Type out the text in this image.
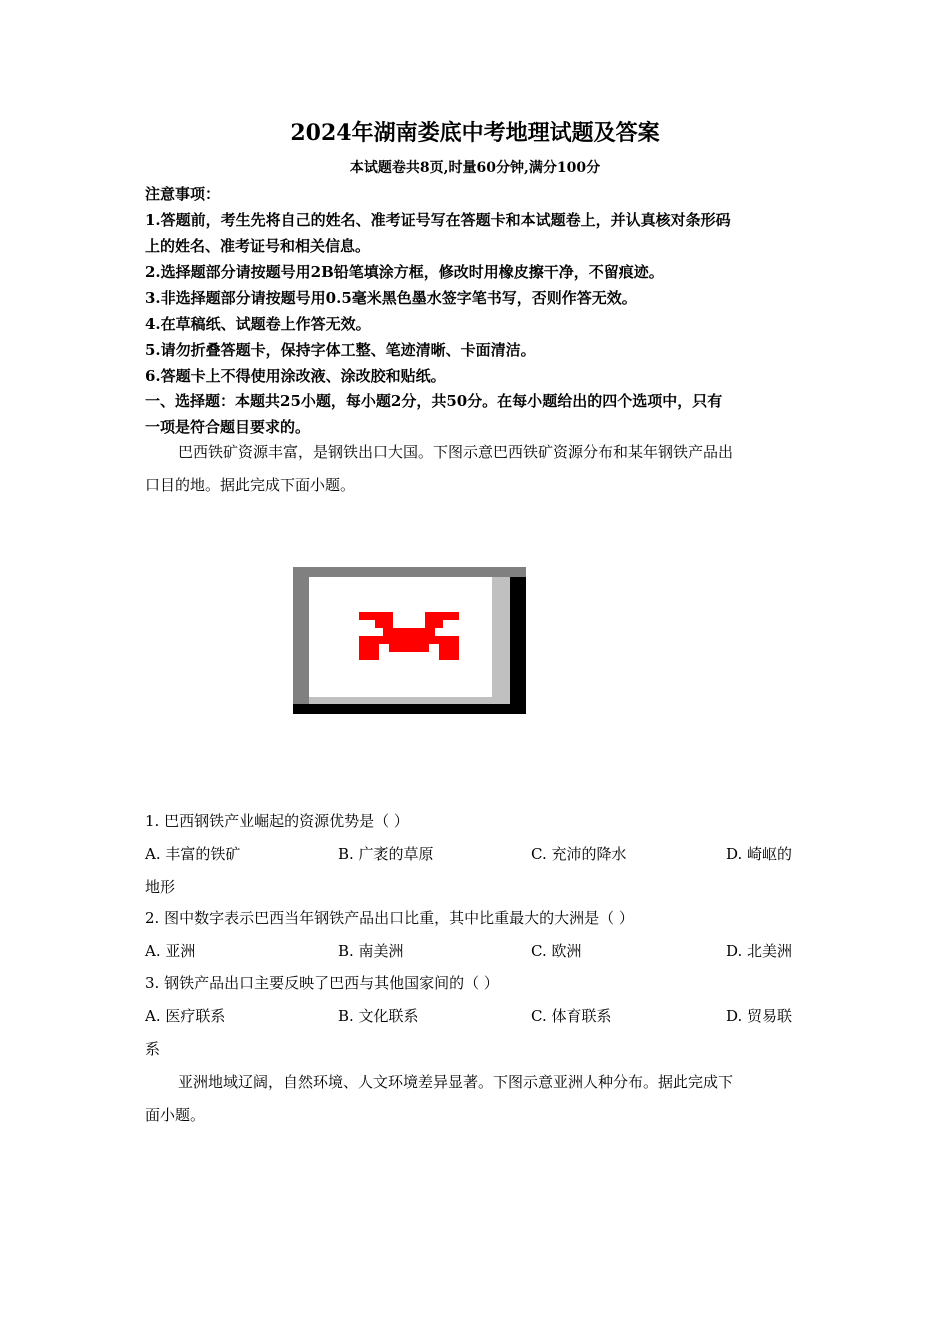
2024年湖南娄底中考地理试题及答案
本试题卷共8页,时量60分钟,满分100分
注意事项：
1.答题前，考生先将自己的姓名、准考证号写在答题卡和本试题卷上，并认真核对条形码
上的姓名、准考证号和相关信息。
2.选择题部分请按题号用2B铅笔填涂方框，修改时用橡皮擦干净，不留痕迹。
3.非选择题部分请按题号用0.5毫米黑色墨水签字笔书写，否则作答无效。
4.在草稿纸、试题卷上作答无效。
5.请勿折叠答题卡，保持字体工整、笔迹清晰、卡面清洁。
6.答题卡上不得使用涂改液、涂改胶和贴纸。
一、选择题：本题共25小题，每小题2分，共50分。在每小题给出的四个选项中，只有
一项是符合题目要求的。
巴西铁矿资源丰富，是钢铁出口大国。下图示意巴西铁矿资源分布和某年钢铁产品出
口目的地。据此完成下面小题。
1. 巴西钢铁产业崛起的资源优势是（ ）
A. 丰富的铁矿	B. 广袤的草原	C. 充沛的降水	D. 崎岖的
地形
2. 图中数字表示巴西当年钢铁产品出口比重，其中比重最大的大洲是（ ）
A. 亚洲	B. 南美洲	C. 欧洲	D. 北美洲
3. 钢铁产品出口主要反映了巴西与其他国家间的（ ）
A. 医疗联系	B. 文化联系	C. 体育联系	D. 贸易联
系
亚洲地域辽阔，自然环境、人文环境差异显著。下图示意亚洲人种分布。据此完成下
面小题。
